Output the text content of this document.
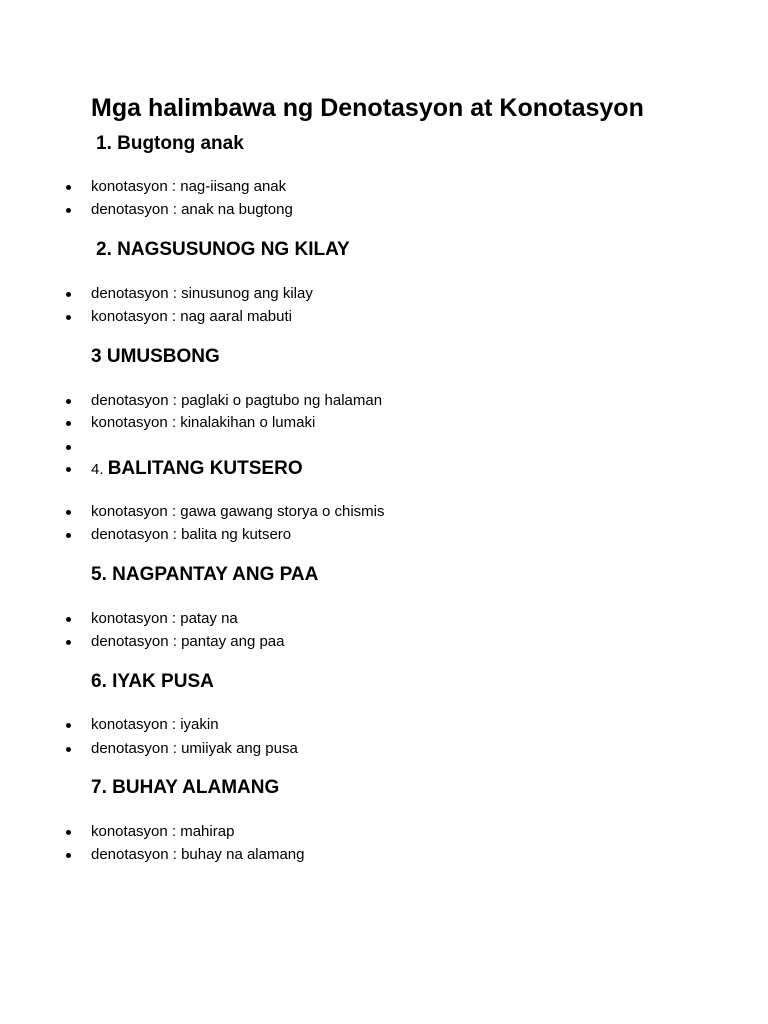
Mga halimbawa ng Denotasyon at Konotasyon
1. Bugtong anak
konotasyon : nag-iisang anak
denotasyon : anak na bugtong
2. NAGSUSUNOG NG KILAY
denotasyon : sinusunog ang kilay
konotasyon : nag aaral mabuti
3 UMUSBONG
denotasyon : paglaki o pagtubo ng halaman
konotasyon : kinalakihan o lumaki
4. BALITANG KUTSERO
konotasyon : gawa gawang storya o chismis
denotasyon : balita ng kutsero
5. NAGPANTAY ANG PAA
konotasyon : patay na
denotasyon : pantay ang paa
6. IYAK PUSA
konotasyon : iyakin
denotasyon : umiiyak ang pusa
7. BUHAY ALAMANG
konotasyon : mahirap
denotasyon : buhay na alamang
